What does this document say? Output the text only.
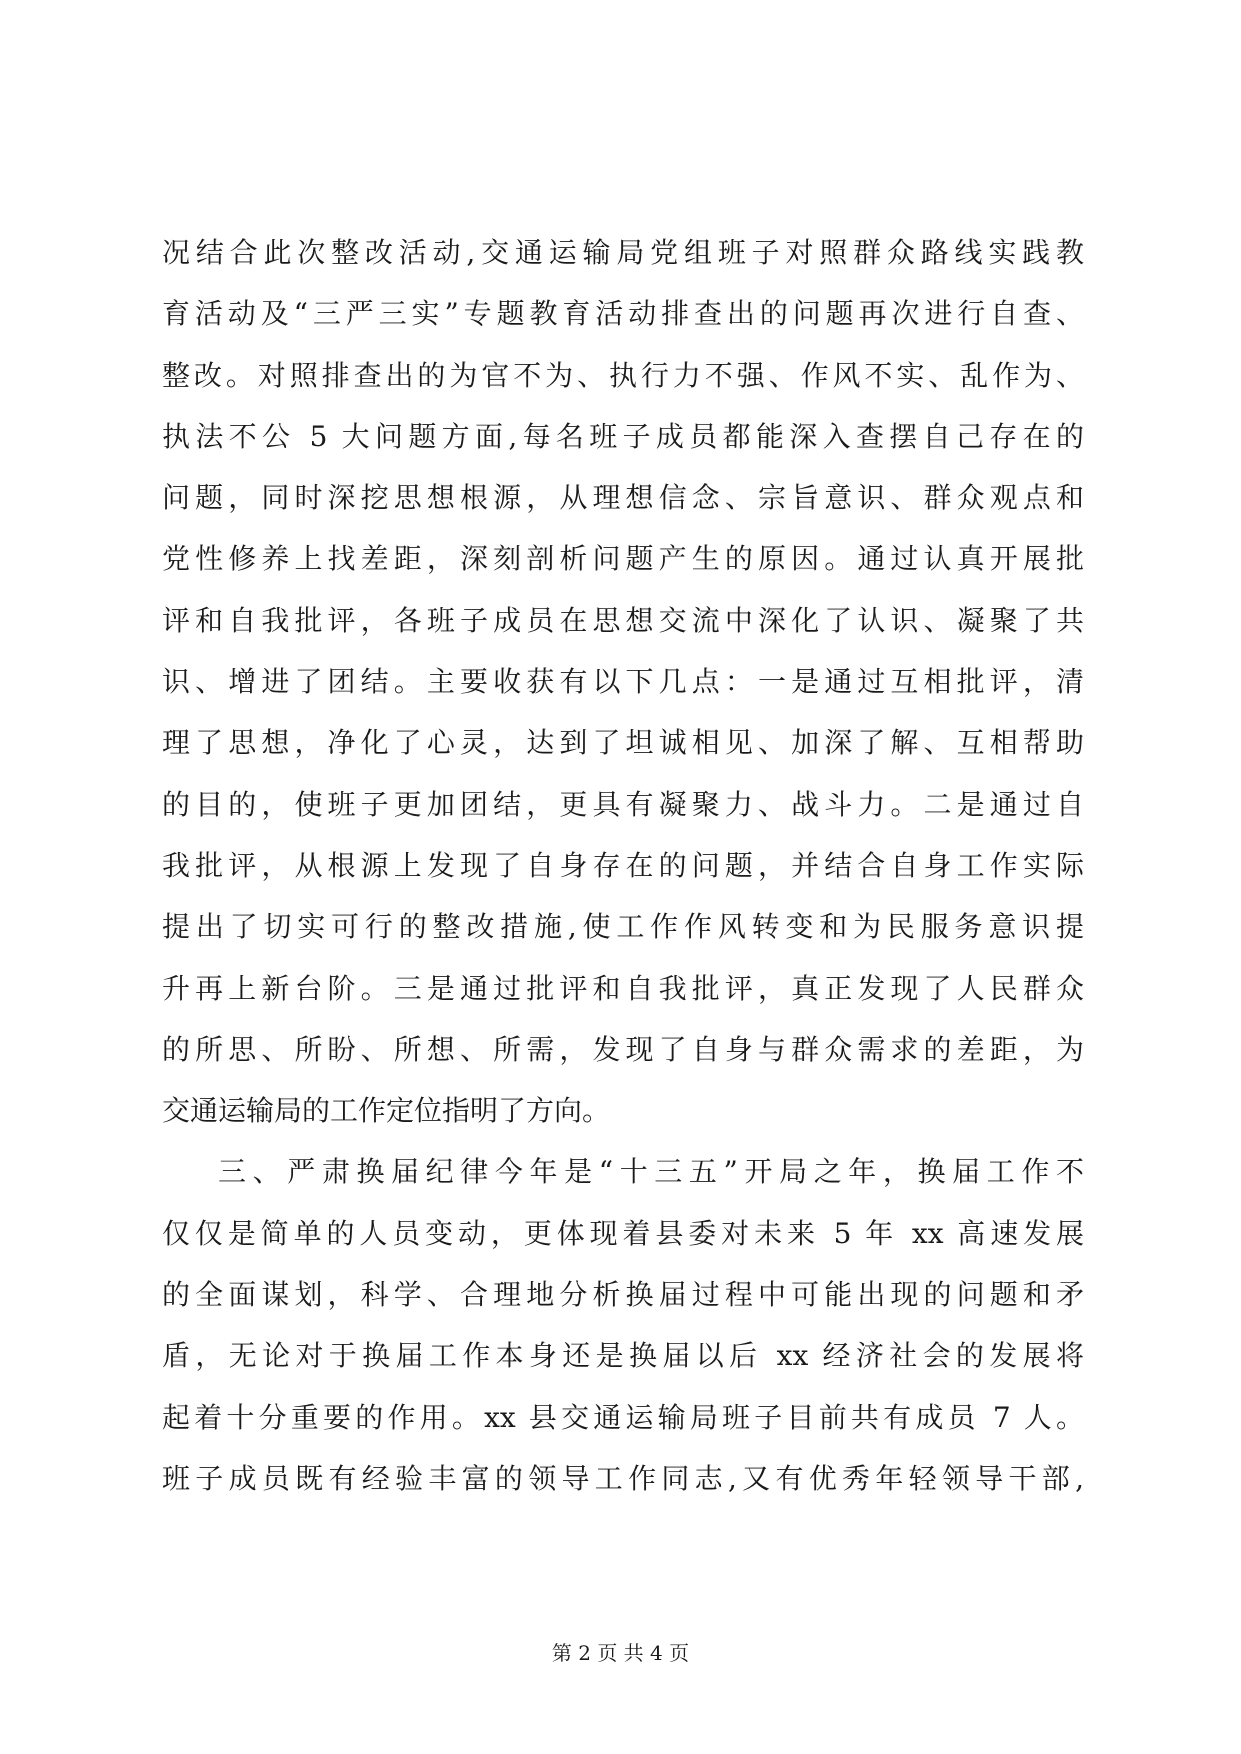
况结合此次整改活动,交通运输局党组班子对照群众路线实践教
育活动及“三严三实”专题教育活动排查出的问题再次进行自查、
整改。对照排查出的为官不为、执行力不强、作风不实、乱作为、
执法不公 5 大问题方面,每名班子成员都能深入查摆自己存在的
问题，同时深挖思想根源，从理想信念、宗旨意识、群众观点和
党性修养上找差距，深刻剖析问题产生的原因。通过认真开展批
评和自我批评，各班子成员在思想交流中深化了认识、凝聚了共
识、增进了团结。主要收获有以下几点：一是通过互相批评，清
理了思想，净化了心灵，达到了坦诚相见、加深了解、互相帮助
的目的，使班子更加团结，更具有凝聚力、战斗力。二是通过自
我批评，从根源上发现了自身存在的问题，并结合自身工作实际
提出了切实可行的整改措施,使工作作风转变和为民服务意识提
升再上新台阶。三是通过批评和自我批评，真正发现了人民群众
的所思、所盼、所想、所需，发现了自身与群众需求的差距，为
交通运输局的工作定位指明了方向。
三、严肃换届纪律今年是“十三五”开局之年，换届工作不
仅仅是简单的人员变动，更体现着县委对未来 5 年 xx 高速发展
的全面谋划，科学、合理地分析换届过程中可能出现的问题和矛
盾，无论对于换届工作本身还是换届以后 xx 经济社会的发展将
起着十分重要的作用。xx 县交通运输局班子目前共有成员 7 人。
班子成员既有经验丰富的领导工作同志,又有优秀年轻领导干部,
第 2 页 共 4 页
